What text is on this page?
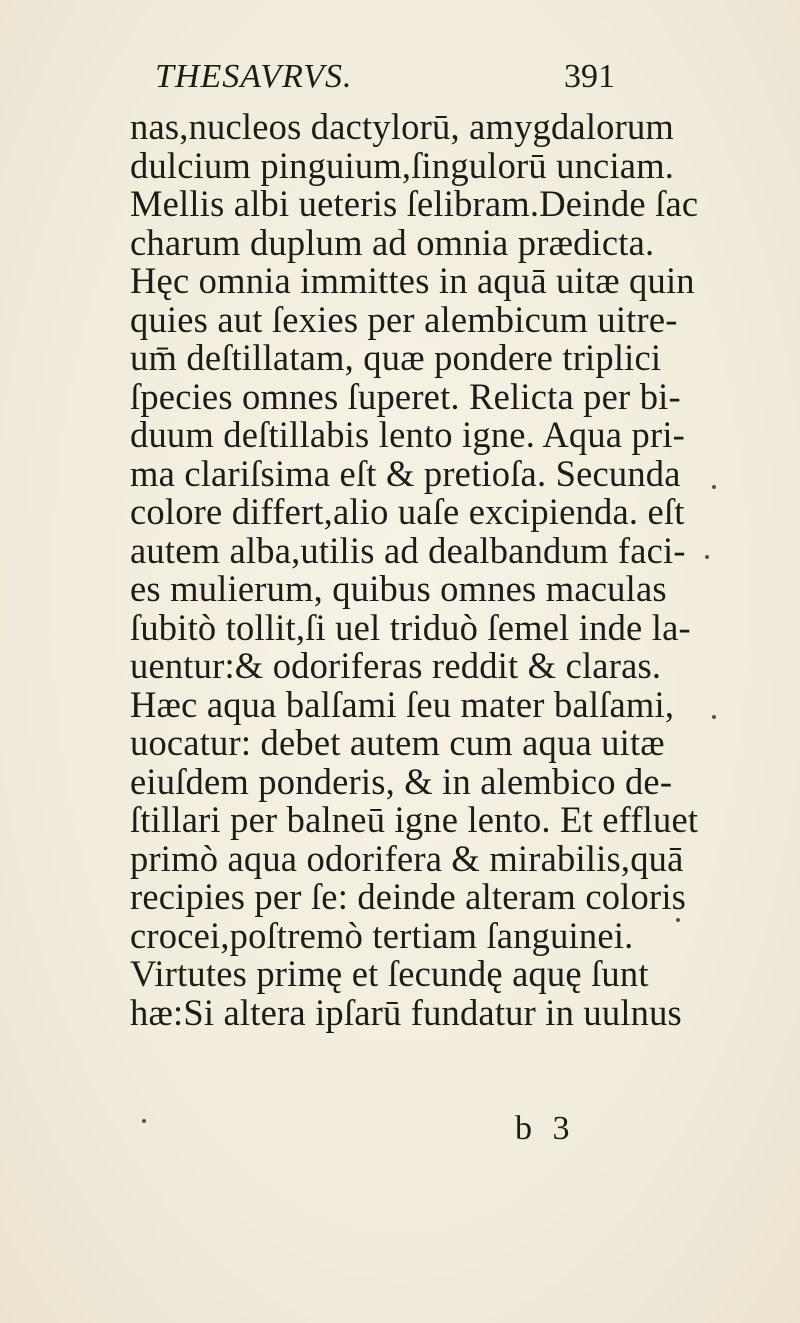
THESAVRVS.	391
nas,nucleos dactylorū, amygdalorum
dulcium pinguium,ſingulorū unciam.
Mellis albi ueteris ſelibram.Deinde ſac
charum duplum ad omnia prædicta.
Hęc omnia immittes in aquā uitæ quin
quies aut ſexies per alembicum uitre-
um̄ deſtillatam, quæ pondere triplici
ſpecies omnes ſuperet. Relicta per bi-
duum deſtillabis lento igne. Aqua pri-
ma clariſsima eſt & pretioſa. Secunda
colore differt,alio uaſe excipienda. eſt
autem alba,utilis ad dealbandum faci-
es mulierum, quibus omnes maculas
ſubitò tollit,ſi uel triduò ſemel inde la-
uentur:& odoriferas reddit & claras.
Hæc aqua balſami ſeu mater balſami,
uocatur: debet autem cum aqua uitæ
eiuſdem ponderis, & in alembico de-
ſtillari per balneū igne lento. Et effluet
primò aqua odorifera & mirabilis,quā
recipies per ſe: deinde alteram coloris
crocei,poſtremò tertiam ſanguinei.
Virtutes primę et ſecundę aquę ſunt
hæ:Si altera ipſarū fundatur in uulnus
b 3
